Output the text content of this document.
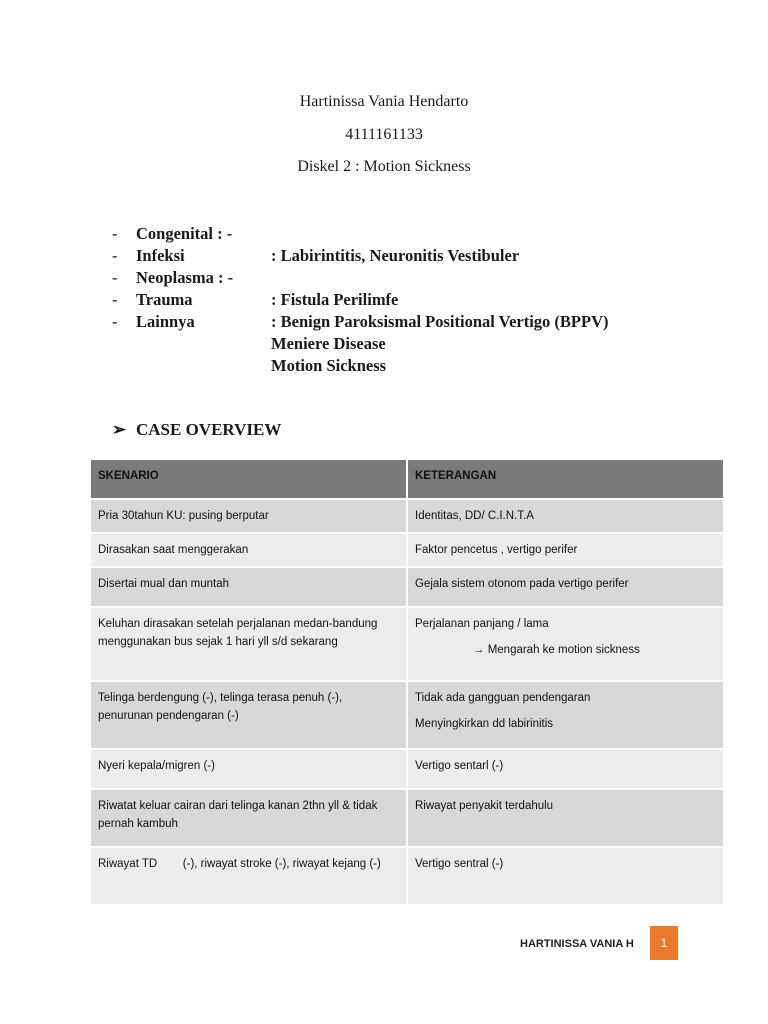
Hartinissa Vania Hendarto
4111161133
Diskel 2 : Motion Sickness
- Congenital : -
- Infeksi	: Labirintitis, Neuronitis Vestibuler
- Neoplasma : -
- Trauma	: Fistula Perilimfe
- Lainnya	: Benign Paroksismal Positional Vertigo (BPPV)
Meniere Disease
Motion Sickness
➢ CASE OVERVIEW
SKENARIO	KETERANGAN
Pria 30tahun KU: pusing berputar	Identitas, DD/ C.I.N.T.A
Dirasakan saat menggerakan	Faktor pencetus , vertigo perifer
Disertai mual dan muntah	Gejala sistem otonom pada vertigo perifer
Keluhan dirasakan setelah perjalanan medan-bandung menggunakan bus sejak 1 hari yll s/d sekarang	Perjalanan panjang / lama
→ Mengarah ke motion sickness

Telinga berdengung (-), telinga terasa penuh (-), penurunan pendengaran (-)	Tidak ada gangguan pendengaran
Menyingkirkan dd labirinitis

Nyeri kepala/migren (-)	Vertigo sentarl (-)
Riwatat keluar cairan dari telinga kanan 2thn yll & tidak pernah kambuh	Riwayat penyakit terdahulu
Riwayat TD        (-), riwayat stroke (-), riwayat kejang (-)	Vertigo sentral (-)
HARTINISSA VANIA H	1
